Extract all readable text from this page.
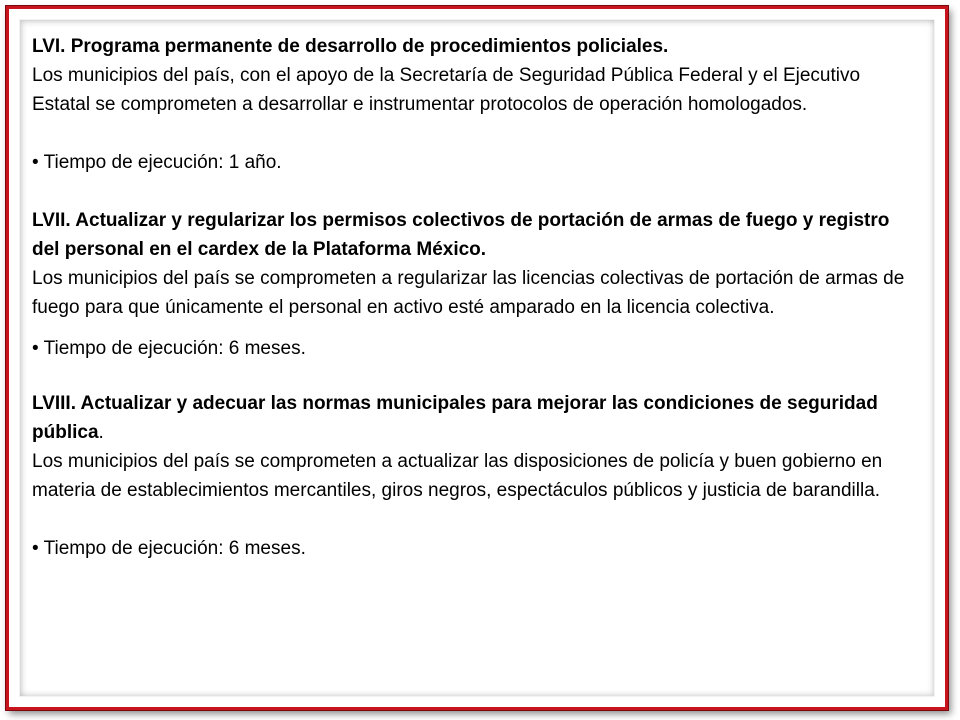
LVI. Programa permanente de desarrollo de procedimientos policiales.

Los municipios del país, con el apoyo de la Secretaría de Seguridad Pública Federal y el Ejecutivo Estatal se comprometen a desarrollar e instrumentar protocolos de operación homologados.

• Tiempo de ejecución: 1 año.

LVII. Actualizar y regularizar los permisos colectivos de portación de armas de fuego y registro del personal en el cardex de la Plataforma México.

Los municipios del país se comprometen a regularizar las licencias colectivas de portación de armas de fuego para que únicamente el personal en activo esté amparado en la licencia colectiva.

• Tiempo de ejecución: 6 meses.

LVIII. Actualizar y adecuar las normas municipales para mejorar las condiciones de seguridad pública.

Los municipios del país se comprometen a actualizar las disposiciones de policía y buen gobierno en materia de establecimientos mercantiles, giros negros, espectáculos públicos y justicia de barandilla.

• Tiempo de ejecución: 6 meses.
